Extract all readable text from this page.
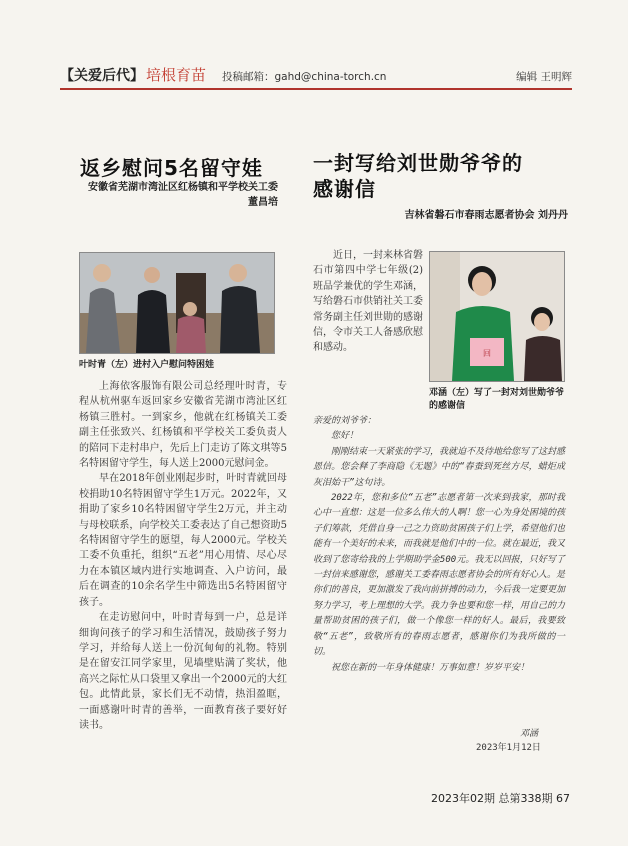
【关爱后代】 培根育苗 投稿邮箱：gahd@china-torch.cn	编辑 王明辉
返乡慰问5名留守娃
安徽省芜湖市湾沚区红杨镇和平学校关工委
董昌培
叶时青（左）进村入户慰问特困娃

上海依客服饰有限公司总经理叶时青，专程从杭州驱车返回家乡安徽省芜湖市湾沚区红杨镇三胜村。一到家乡，他就在红杨镇关工委副主任张致兴、红杨镇和平学校关工委负责人的陪同下走村串户，先后上门走访了陈文琪等5名特困留守学生，每人送上2000元慰问金。

早在2018年创业刚起步时，叶时青就回母校捐助10名特困留守学生1万元。2022年，又捐助了家乡10名特困留守学生2万元，并主动与母校联系，向学校关工委表达了自己想资助5名特困留守学生的愿望，每人2000元。学校关工委不负重托，组织“五老”用心用情、尽心尽力在本镇区域内进行实地调查、入户访问，最后在调查的10余名学生中筛选出5名特困留守孩子。

在走访慰问中，叶时青每到一户，总是详细询问孩子的学习和生活情况，鼓励孩子努力学习，并给每人送上一份沉甸甸的礼物。特别是在留安江同学家里，见墙壁贴满了奖状，他高兴之际忙从口袋里又拿出一个2000元的大红包。此情此景，家长们无不动情，热泪盈眶，一面感谢叶时青的善举，一面教育孩子要好好读书。

一封写给刘世勋爷爷的
感谢信
吉林省磐石市春雨志愿者协会 刘丹丹

近日，一封来林省磐石市第四中学七年级(2)班品学兼优的学生邓涵，写给磐石市供销社关工委常务副主任刘世勋的感谢信，令市关工人备感欣慰和感动。

回
邓涵（左）写了一封对刘世勋爷爷的感谢信

亲爱的刘爷爷：

您好！

刚刚结束一天紧张的学习，我就迫不及待地给您写了这封感恩信。您会释了李商隐《无题》中的“春蚕到死丝方尽，蜡炬成灰泪始干”这句诗。

2022年，您和多位“五老”志愿者第一次来到我家，那时我心中一直想：这是一位多么伟大的人啊！您一心为身处困境的孩子们筹款，凭借自身一己之力资助贫困孩子们上学，希望他们也能有一个美好的未来，而我就是他们中的一位。就在最近，我又收到了您寄给我的上学期助学金500元。我无以回报，只好写了一封信来感谢您，感谢关工委春雨志愿者协会的所有好心人。是你们的善良，更加激发了我向前拼搏的动力，今后我一定要更加努力学习，考上理想的大学。我力争也要和您一样，用自己的力量帮助贫困的孩子们，做一个像您一样的好人。最后，我要致敬“五老”，致敬所有的春雨志愿者，感谢你们为我所做的一切。

祝您在新的一年身体健康！万事如意！岁岁平安！

邓涵
2023年1月12日
2023年02期 总第338期 67
